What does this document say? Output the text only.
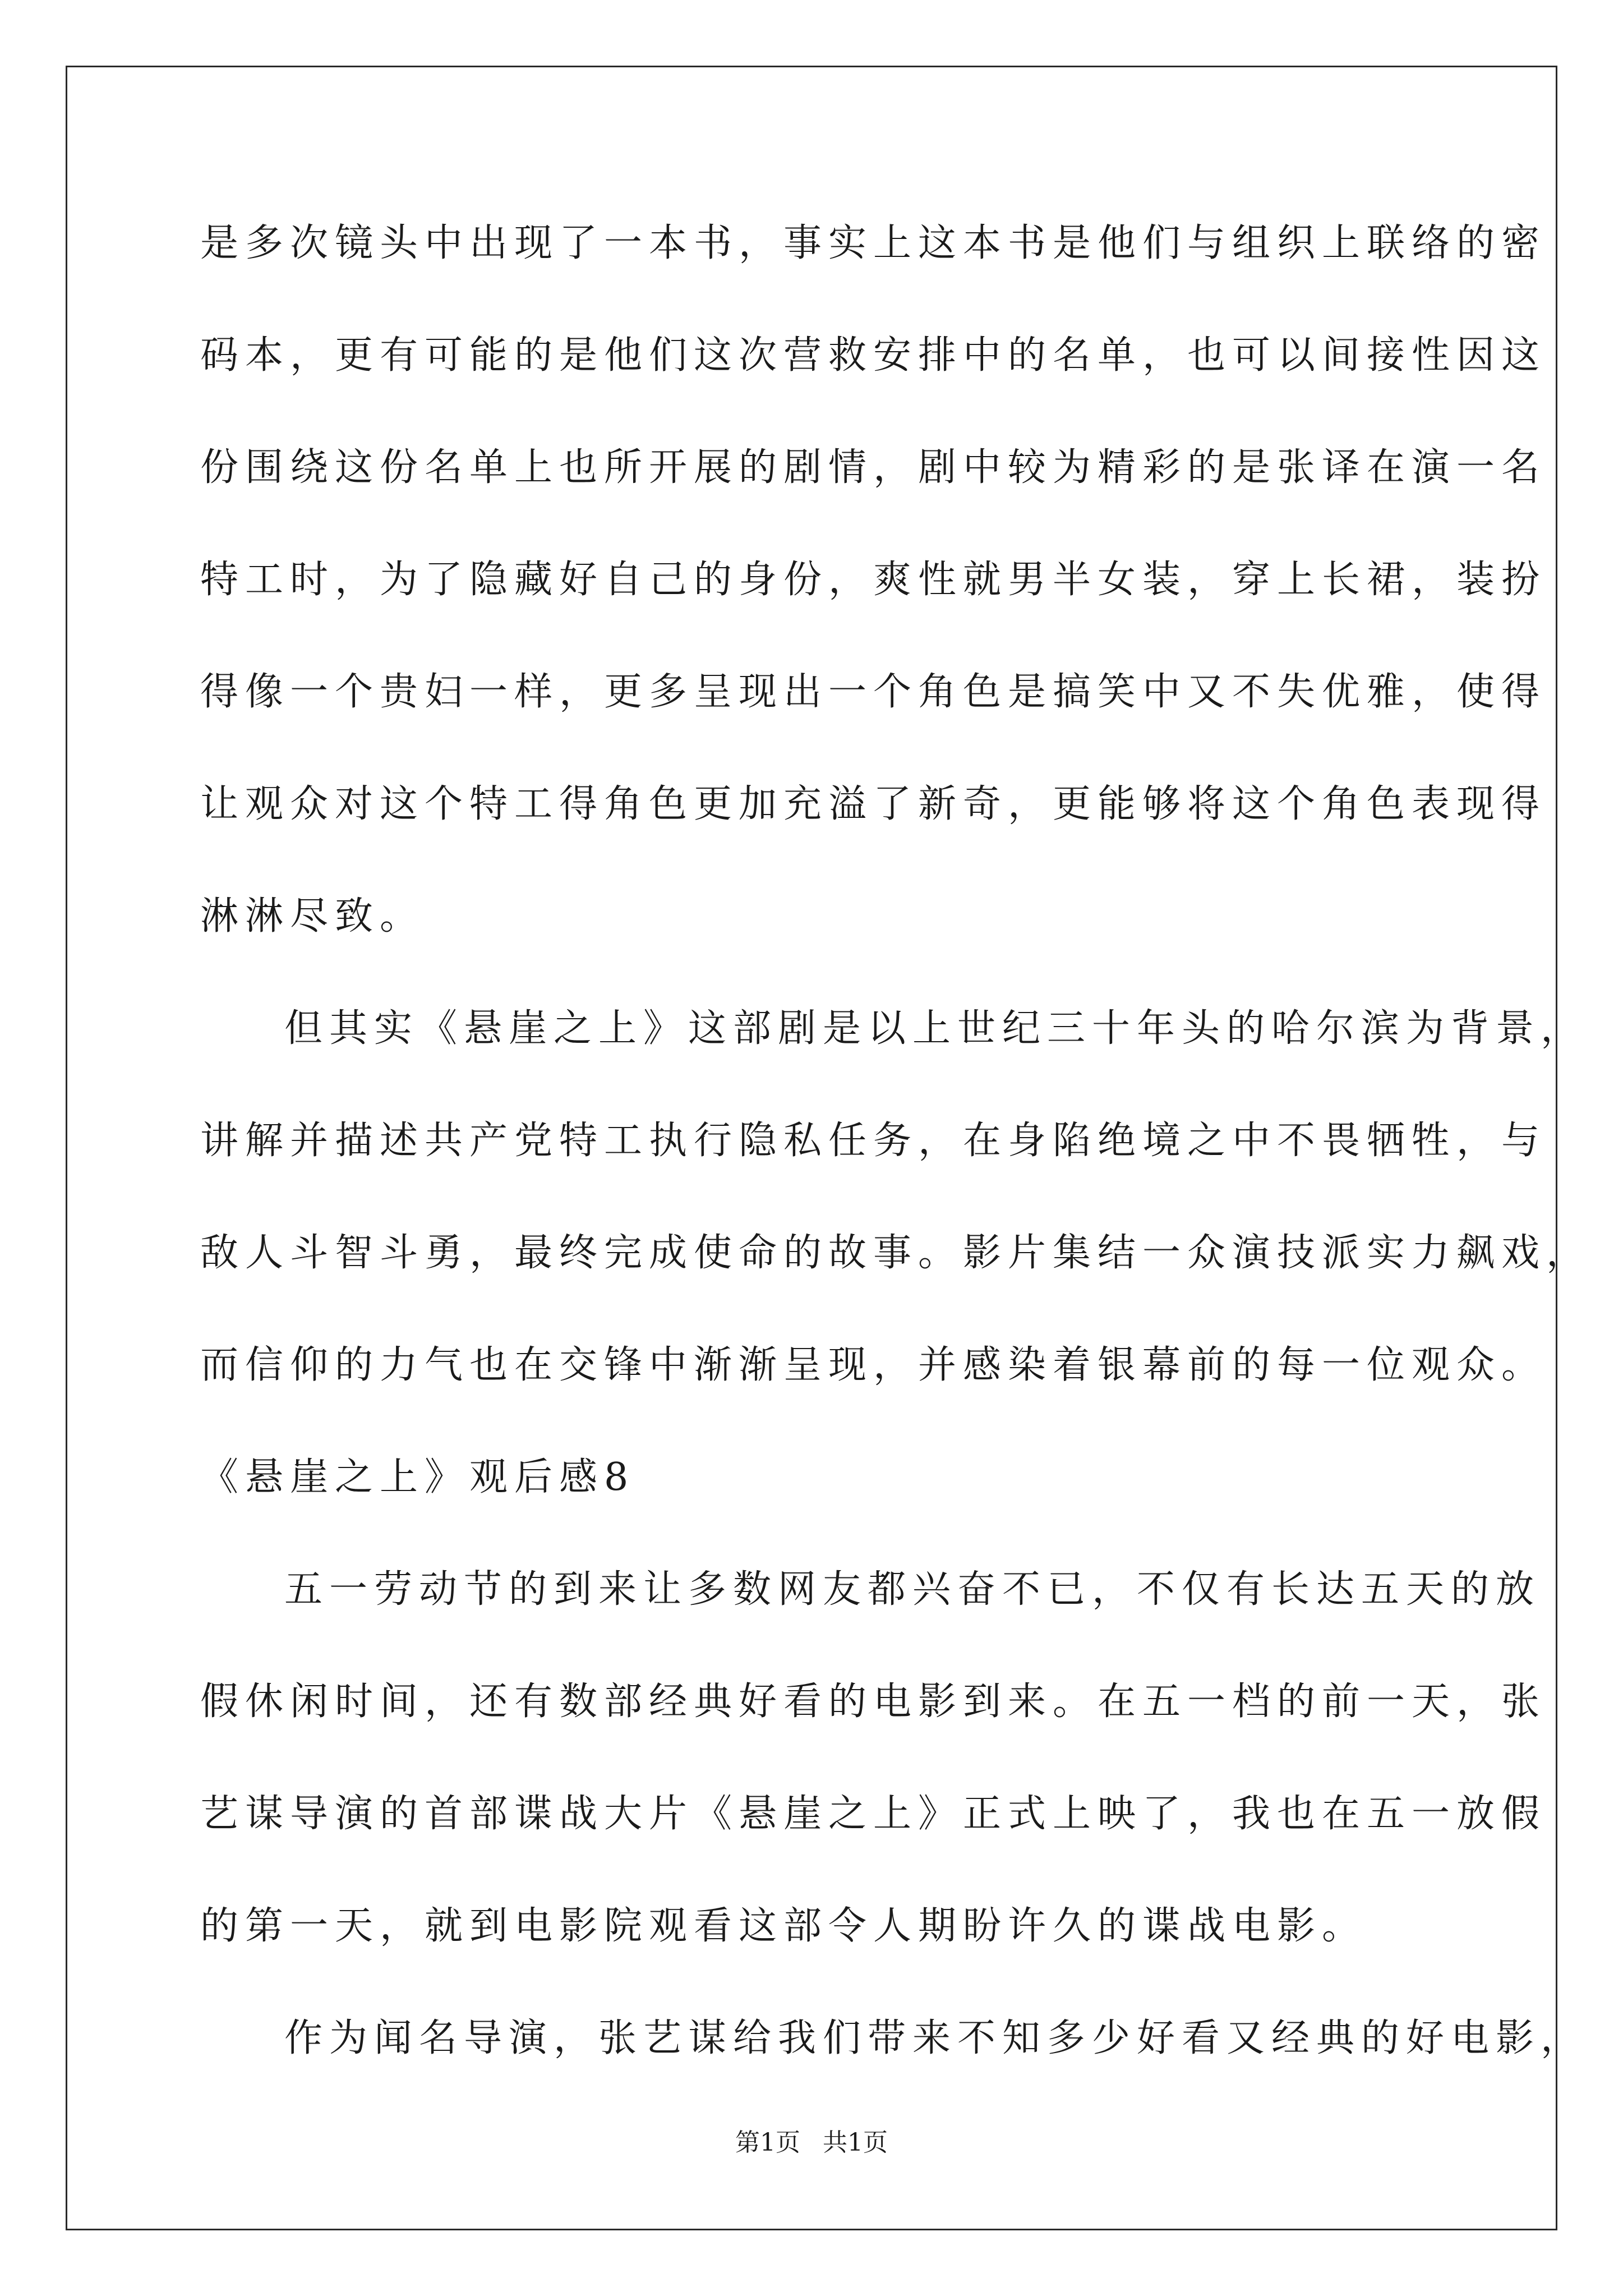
是多次镜头中出现了一本书，事实上这本书是他们与组织上联络的密
码本，更有可能的是他们这次营救安排中的名单，也可以间接性因这
份围绕这份名单上也所开展的剧情，剧中较为精彩的是张译在演一名
特工时，为了隐藏好自己的身份，爽性就男半女装，穿上长裙，装扮
得像一个贵妇一样，更多呈现出一个角色是搞笑中又不失优雅，使得
让观众对这个特工得角色更加充溢了新奇，更能够将这个角色表现得
淋淋尽致。
但其实《悬崖之上》这部剧是以上世纪三十年头的哈尔滨为背景，
讲解并描述共产党特工执行隐私任务，在身陷绝境之中不畏牺牲，与
敌人斗智斗勇，最终完成使命的故事。影片集结一众演技派实力飙戏，
而信仰的力气也在交锋中渐渐呈现，并感染着银幕前的每一位观众。
《悬崖之上》观后感8
五一劳动节的到来让多数网友都兴奋不已，不仅有长达五天的放
假休闲时间，还有数部经典好看的电影到来。在五一档的前一天，张
艺谋导演的首部谍战大片《悬崖之上》正式上映了，我也在五一放假
的第一天，就到电影院观看这部令人期盼许久的谍战电影。
作为闻名导演，张艺谋给我们带来不知多少好看又经典的好电影，
第1页 共1页
